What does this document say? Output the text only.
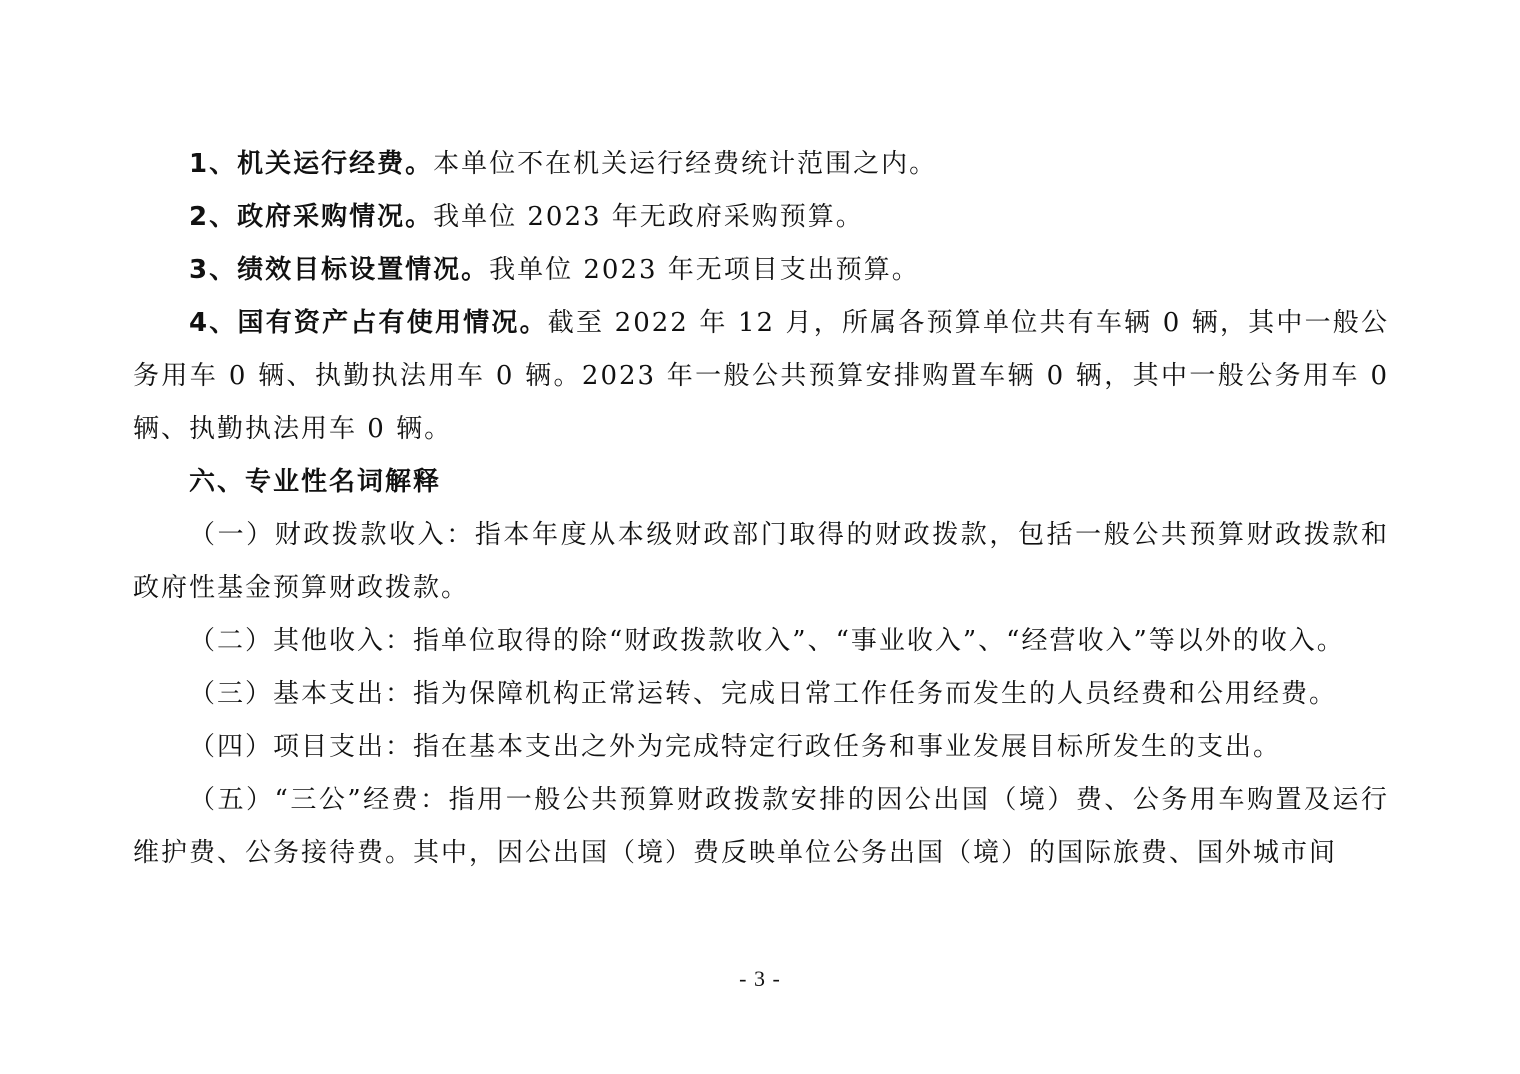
1、机关运行经费。本单位不在机关运行经费统计范围之内。

2、政府采购情况。我单位 2023 年无政府采购预算。

3、绩效目标设置情况。我单位 2023 年无项目支出预算。

4、国有资产占有使用情况。截至 2022 年 12 月，所属各预算单位共有车辆 0 辆，其中一般公务用车 0 辆、执勤执法用车 0 辆。2023 年一般公共预算安排购置车辆 0 辆，其中一般公务用车 0 辆、执勤执法用车 0 辆。

六、专业性名词解释

（一）财政拨款收入：指本年度从本级财政部门取得的财政拨款，包括一般公共预算财政拨款和政府性基金预算财政拨款。

（二）其他收入：指单位取得的除“财政拨款收入”、“事业收入”、“经营收入”等以外的收入。

（三）基本支出：指为保障机构正常运转、完成日常工作任务而发生的人员经费和公用经费。

（四）项目支出：指在基本支出之外为完成特定行政任务和事业发展目标所发生的支出。

（五）“三公”经费：指用一般公共预算财政拨款安排的因公出国（境）费、公务用车购置及运行维护费、公务接待费。其中，因公出国（境）费反映单位公务出国（境）的国际旅费、国外城市间

- 3 -
